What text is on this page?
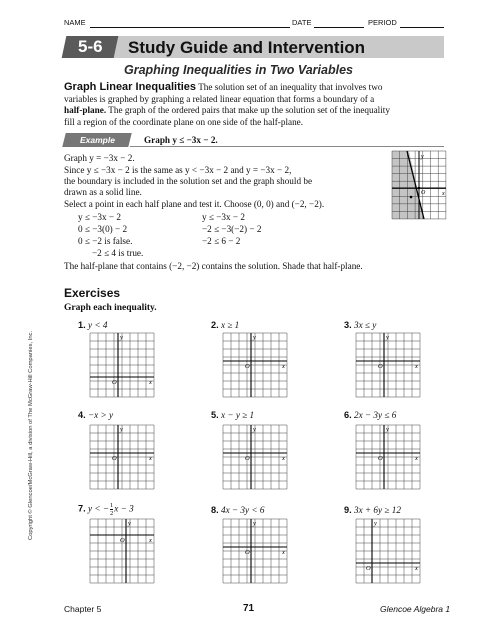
NAME	DATE	PERIOD
5-6 Study Guide and Intervention
Graphing Inequalities in Two Variables
Graph Linear Inequalities The solution set of an inequality that involves two
variables is graphed by graphing a related linear equation that forms a boundary of a
half-plane. The graph of the ordered pairs that make up the solution set of the inequality
fill a region of the coordinate plane on one side of the half-plane.
Example	Graph y ≤ −3x − 2.
Graph y = −3x − 2.
Since y ≤ −3x − 2 is the same as y < −3x − 2 and y = −3x − 2,
the boundary is included in the solution set and the graph should be
drawn as a solid line.
Select a point in each half plane and test it. Choose (0, 0) and (−2, −2).
y ≤ −3x − 2
0 ≤ −3(0) − 2
0 ≤ −2 is false.
y ≤ −3x − 2
−2 ≤ −3(−2) − 2
−2 ≤ 6 − 2
−2 ≤ 4 is true.
The half-plane that contains (−2, −2) contains the solution. Shade that half-plane.
y
x
O
Exercises
Graph each inequality.
1. y < 4	2. x ≥ 1	3. 3x ≤ y
4. −x > y	5. x − y ≥ 1	6. 2x − 3y ≤ 6
7. y < − $\frac{1}{2}$ x − 3	8. 4x − 3y < 6	9. 3x + 6y ≥ 12
y
x
O
y
x
O
y
x
O
y
x
O
y
x
O
y
x
O
y
x
O
y
x
O
y
x
O
Copyright © Glencoe/McGraw-Hill, a division of The McGraw-Hill Companies, Inc.
Chapter 5	71	Glencoe Algebra 1
